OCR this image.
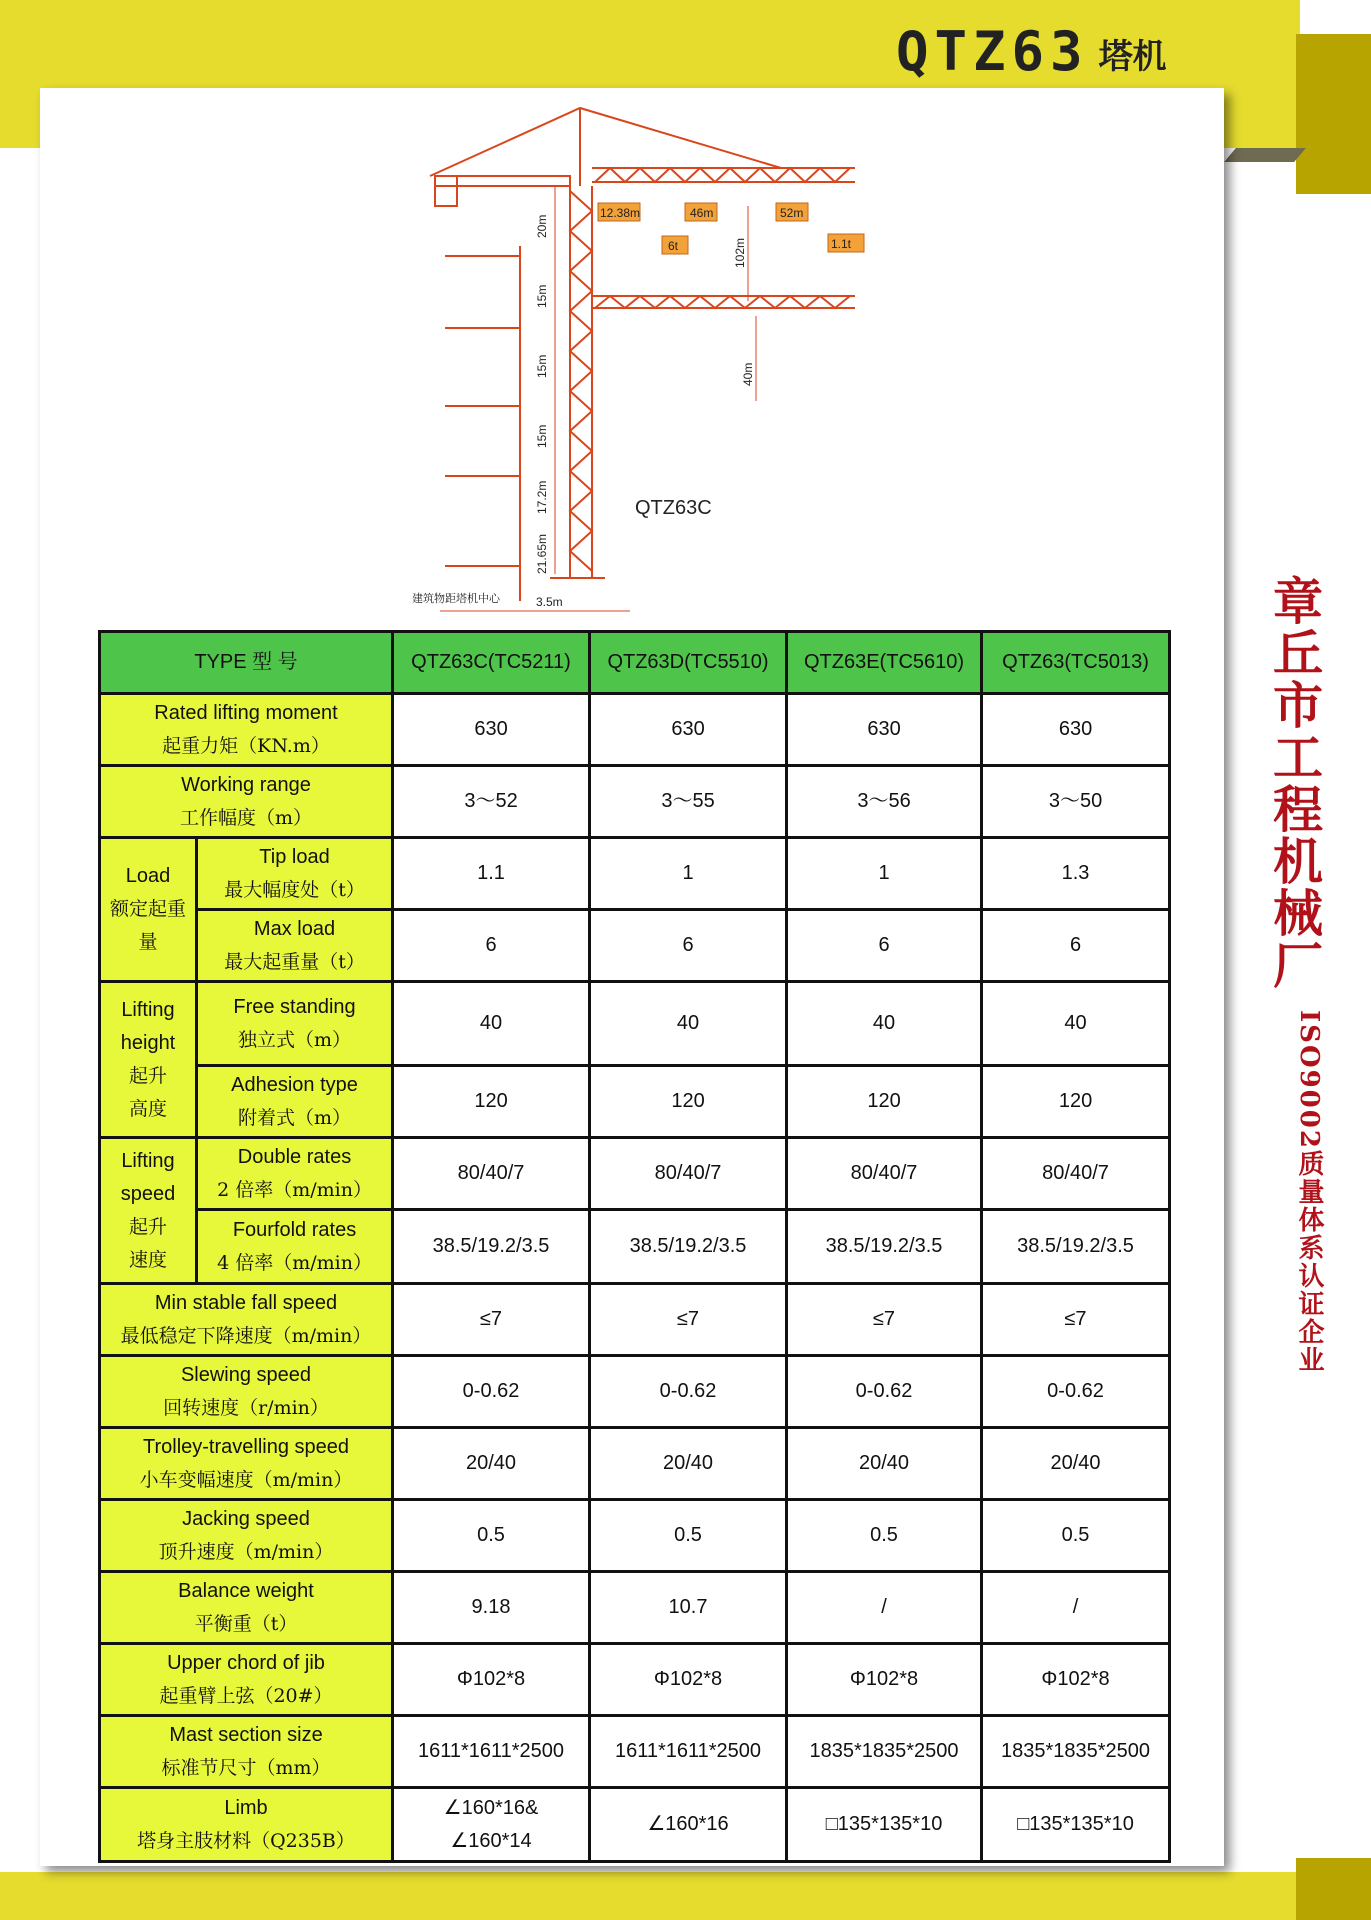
QTZ63 塔机
章丘市工程机械厂
ISO9002质量体系认证企业
12.38m	46m	52m
6t	1.1t
20m
15m
15m
15m
17.2m
21.65m
102m
40m
QTZ63C
建筑物距塔机中心	3.5m
TYPE 型 号		QTZ63C(TC5211)	QTZ63D(TC5510)	QTZ63E(TC5610)	QTZ63(TC5013)

Rated lifting moment
起重力矩（KN.m）		630	630	630	630

Working range
工作幅度（m）		3～52	3～55	3～56	3～50

Load
额定起重量	Tip load
最大幅度处（t）	1.1	1	1	1.3

	Max load
最大起重量（t）	6	6	6	6

Lifting
height
起升
高度	Free standing
独立式（m）	40	40	40	40

	Adhesion type
附着式（m）	120	120	120	120

Lifting
speed
起升
速度	Double rates
2 倍率（m/min）	80/40/7	80/40/7	80/40/7	80/40/7

	Fourfold rates
4 倍率（m/min）	38.5/19.2/3.5	38.5/19.2/3.5	38.5/19.2/3.5	38.5/19.2/3.5

Min stable fall speed
最低稳定下降速度（m/min）		≤7	≤7	≤7	≤7

Slewing speed
回转速度（r/min）		0-0.62	0-0.62	0-0.62	0-0.62

Trolley-travelling speed
小车变幅速度（m/min）		20/40	20/40	20/40	20/40

Jacking speed
顶升速度（m/min）		0.5	0.5	0.5	0.5

Balance weight
平衡重（t）		9.18	10.7	/	/

Upper chord of jib
起重臂上弦（20#）		Φ102*8	Φ102*8	Φ102*8	Φ102*8

Mast section size
标准节尺寸（mm）		1611*1611*2500	1611*1611*2500	1835*1835*2500	1835*1835*2500

Limb
塔身主肢材料（Q235B）		∠160*16&
∠160*14	∠160*16	□135*135*10	□135*135*10
